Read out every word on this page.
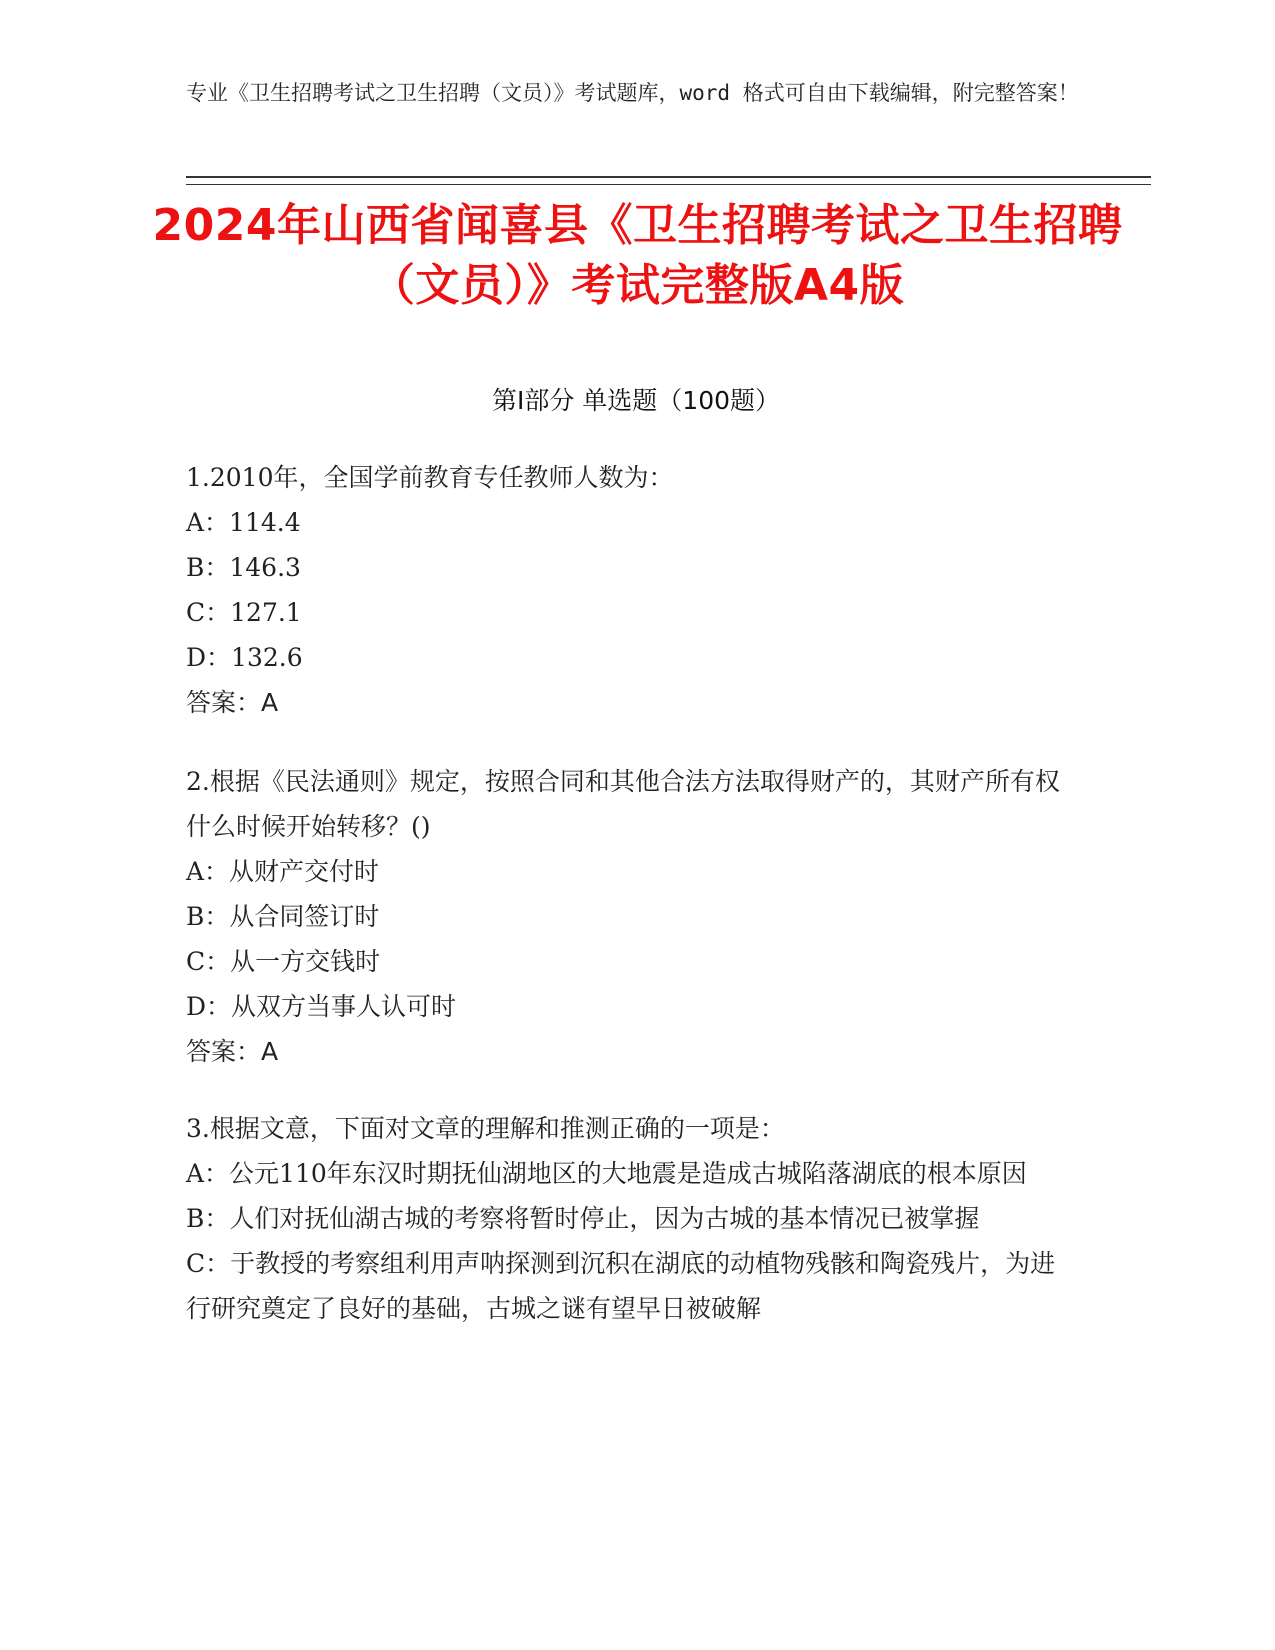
专业《卫生招聘考试之卫生招聘（文员）》考试题库，word 格式可自由下载编辑，附完整答案！
2024年山西省闻喜县《卫生招聘考试之卫生招聘（文员）》考试完整版A4版
第I部分 单选题（100题）

1.2010年，全国学前教育专任教师人数为：

A：114.4

B：146.3

C：127.1

D：132.6

答案：A

2.根据《民法通则》规定，按照合同和其他合法方法取得财产的，其财产所有权什么时候开始转移？()

A：从财产交付时

B：从合同签订时

C：从一方交钱时

D：从双方当事人认可时

答案：A

3.根据文意，下面对文章的理解和推测正确的一项是：

A：公元110年东汉时期抚仙湖地区的大地震是造成古城陷落湖底的根本原因

B：人们对抚仙湖古城的考察将暂时停止，因为古城的基本情况已被掌握

C：于教授的考察组利用声呐探测到沉积在湖底的动植物残骸和陶瓷残片，为进行研究奠定了良好的基础，古城之谜有望早日被破解
